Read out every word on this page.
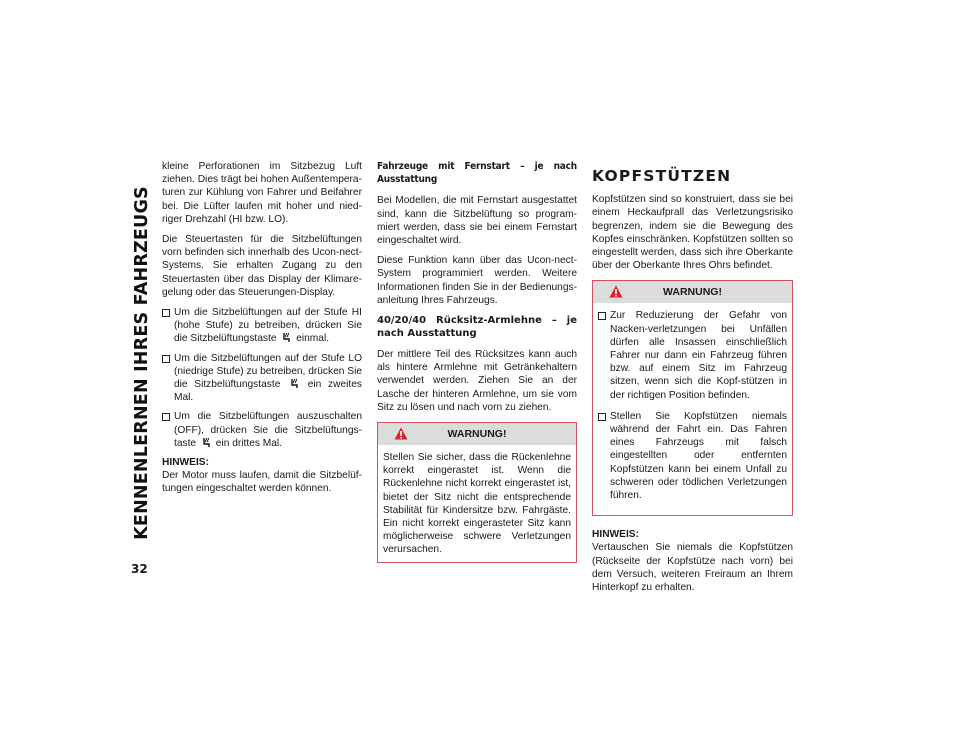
KENNENLERNEN IHRES FAHRZEUGS
32

kleine Perforationen im Sitzbezug Luft ziehen. Dies trägt bei hohen Außentempera-turen zur Kühlung von Fahrer und Beifahrer bei. Die Lüfter laufen mit hoher und nied-riger Drehzahl (HI bzw. LO).

Die Steuertasten für die Sitzbelüftungen vorn befinden sich innerhalb des Ucon-nect-Systems. Sie erhalten Zugang zu den Steuertasten über das Display der Klimare-gelung oder das Steuerungen-Display.

Um die Sitzbelüftungen auf der Stufe HI (hohe Stufe) zu betreiben, drücken Sie die Sitzbelüftungstaste einmal.
Um die Sitzbelüftungen auf der Stufe LO (niedrige Stufe) zu betreiben, drücken Sie die Sitzbelüftungstaste	ein zweites Mal.
Um die Sitzbelüftungen auszuschalten (OFF), drücken Sie die Sitzbelüftungs-taste ein drittes Mal.

HINWEIS:

Der Motor muss laufen, damit die Sitzbelüf-tungen eingeschaltet werden können.

Fahrzeuge mit Fernstart – je nach Ausstattung

Bei Modellen, die mit Fernstart ausgestattet sind, kann die Sitzbelüftung so program-miert werden, dass sie bei einem Fernstart eingeschaltet wird.

Diese Funktion kann über das Ucon-nect-System programmiert werden. Weitere Informationen finden Sie in der Bedienungs-anleitung Ihres Fahrzeugs.

40/20/40 Rücksitz-Armlehne – je nach Ausstattung

Der mittlere Teil des Rücksitzes kann auch als hintere Armlehne mit Getränkehaltern verwendet werden. Ziehen Sie an der Lasche der hinteren Armlehne, um sie vom Sitz zu lösen und nach vorn zu ziehen.

WARNUNG!

Stellen Sie sicher, dass die Rückenlehne korrekt eingerastet ist. Wenn die Rückenlehne nicht korrekt eingerastet ist, bietet der Sitz nicht die entsprechende Stabilität für Kindersitze bzw. Fahrgäste. Ein nicht korrekt eingerasteter Sitz kann möglicherweise schwere Verletzungen verursachen.

KOPFSTÜTZEN

Kopfstützen sind so konstruiert, dass sie bei einem Heckaufprall das Verletzungsrisiko begrenzen, indem sie die Bewegung des Kopfes einschränken. Kopfstützen sollten so eingestellt werden, dass sich ihre Oberkante über der Oberkante Ihres Ohrs befindet.

WARNUNG!
Zur Reduzierung der Gefahr von Nacken-verletzungen bei Unfällen dürfen alle Insassen einschließlich Fahrer nur dann ein Fahrzeug führen bzw. auf einem Sitz im Fahrzeug sitzen, wenn sich die Kopf-stützen in der richtigen Position befinden.
Stellen Sie Kopfstützen niemals während der Fahrt ein. Das Fahren eines Fahrzeugs mit falsch eingestellten oder entfernten Kopfstützen kann bei einem Unfall zu schweren oder tödlichen Verletzungen führen.

HINWEIS:

Vertauschen Sie niemals die Kopfstützen (Rückseite der Kopfstütze nach vorn) bei dem Versuch, weiteren Freiraum an Ihrem Hinterkopf zu erhalten.
